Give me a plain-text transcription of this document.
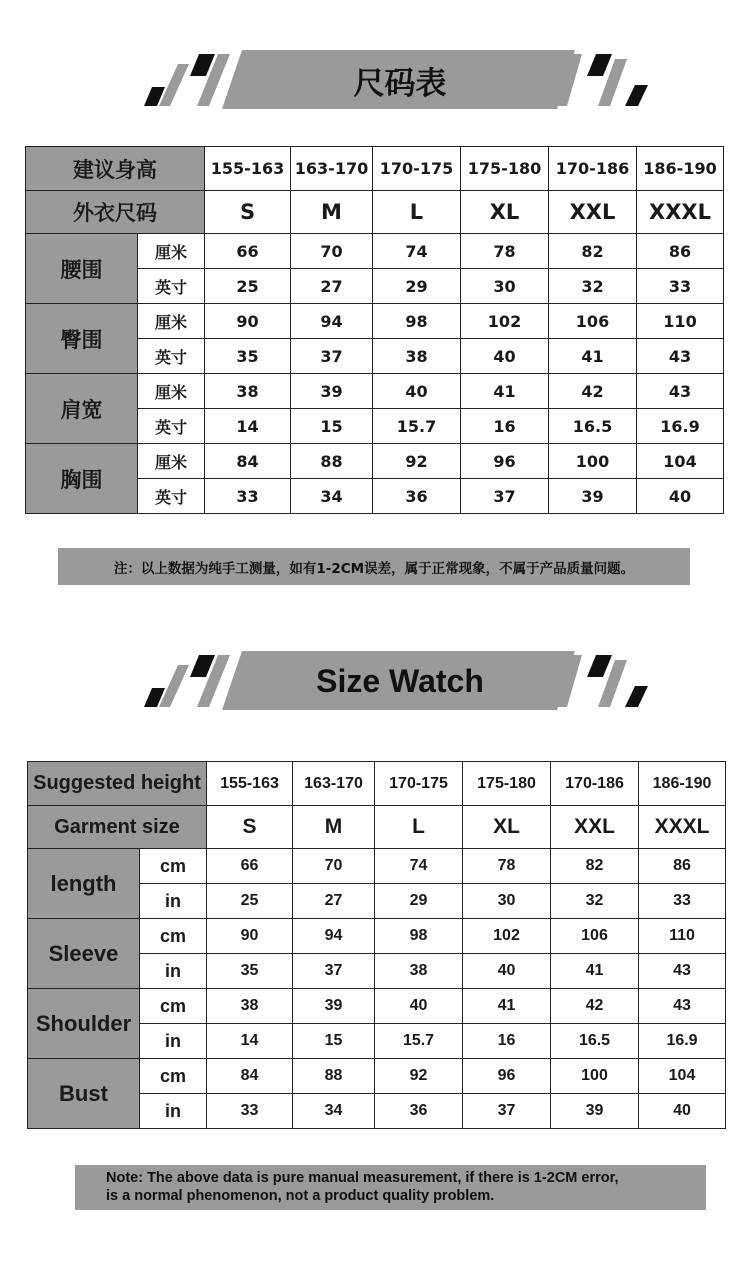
尺码表
建议身高		155-163	163-170	170-175	175-180	170-186	186-190
外衣尺码		S	M	L	XL	XXL	XXXL
腰围	厘米	66	70	74	78	82	86
	英寸	25	27	29	30	32	33
臀围	厘米	90	94	98	102	106	110
	英寸	35	37	38	40	41	43
肩宽	厘米	38	39	40	41	42	43
	英寸	14	15	15.7	16	16.5	16.9
胸围	厘米	84	88	92	96	100	104
	英寸	33	34	36	37	39	40
注：以上数据为纯手工测量，如有1-2CM误差，属于正常现象，不属于产品质量问题。
Size Watch
Suggested height		155-163	163-170	170-175	175-180	170-186	186-190
Garment size		S	M	L	XL	XXL	XXXL
length	cm	66	70	74	78	82	86
	in	25	27	29	30	32	33
Sleeve	cm	90	94	98	102	106	110
	in	35	37	38	40	41	43
Shoulder	cm	38	39	40	41	42	43
	in	14	15	15.7	16	16.5	16.9
Bust	cm	84	88	92	96	100	104
	in	33	34	36	37	39	40
Note: The above data is pure manual measurement, if there is 1-2CM error,
is a normal phenomenon, not a product quality problem.
